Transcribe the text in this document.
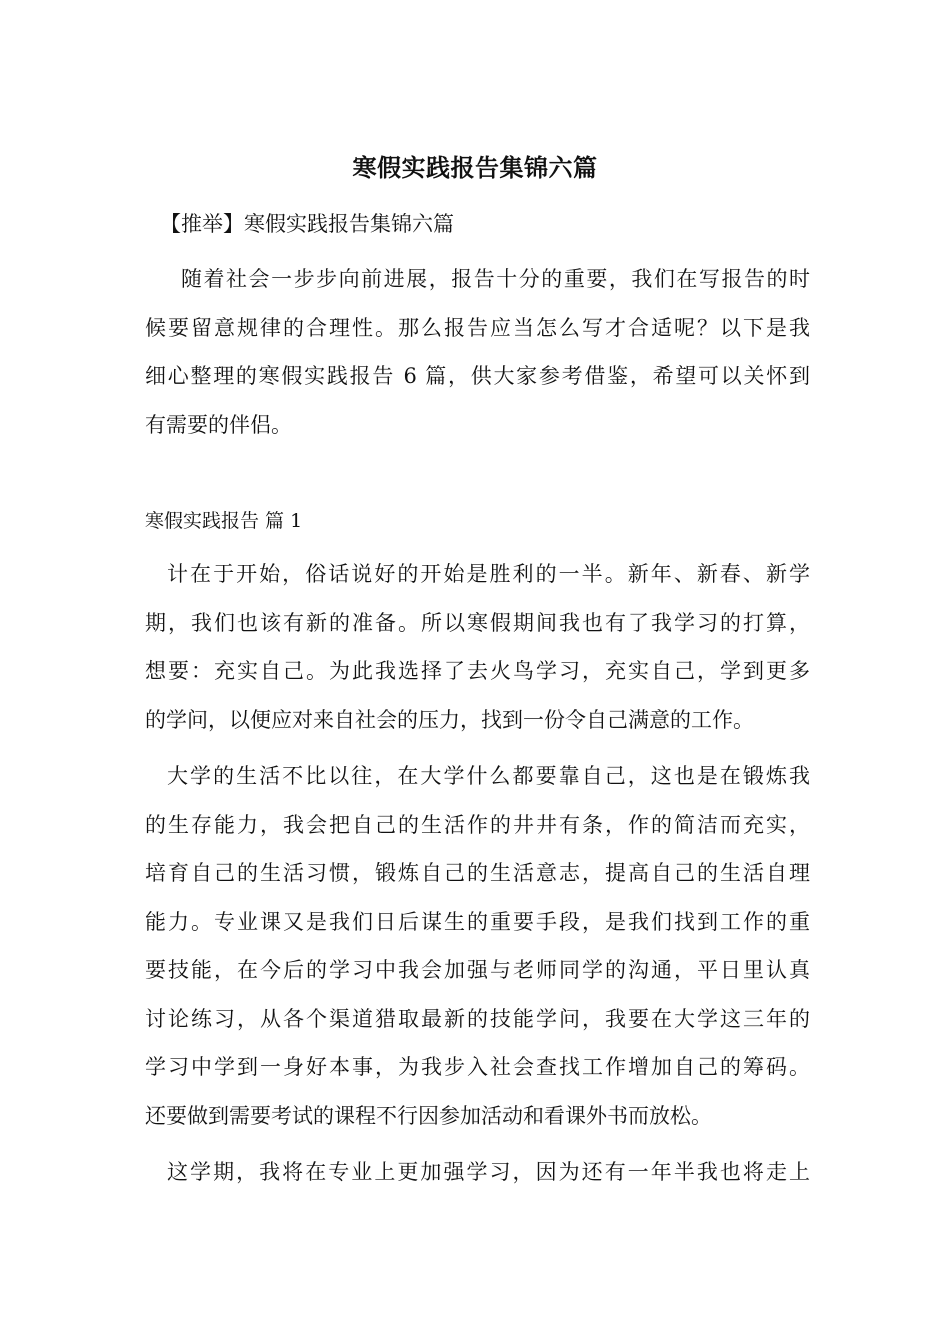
寒假实践报告集锦六篇
【推举】寒假实践报告集锦六篇

随着社会一步步向前进展，报告十分的重要，我们在写报告的时
候要留意规律的合理性。那么报告应当怎么写才合适呢？以下是我
细心整理的寒假实践报告 6 篇，供大家参考借鉴，希望可以关怀到
有需要的伴侣。

寒假实践报告 篇 1

计在于开始，俗话说好的开始是胜利的一半。新年、新春、新学
期，我们也该有新的准备。所以寒假期间我也有了我学习的打算，
想要：充实自己。为此我选择了去火鸟学习，充实自己，学到更多
的学问，以便应对来自社会的压力，找到一份令自己满意的工作。

大学的生活不比以往，在大学什么都要靠自己，这也是在锻炼我
的生存能力，我会把自己的生活作的井井有条，作的简洁而充实，
培育自己的生活习惯，锻炼自己的生活意志，提高自己的生活自理
能力。专业课又是我们日后谋生的重要手段，是我们找到工作的重
要技能，在今后的学习中我会加强与老师同学的沟通，平日里认真
讨论练习，从各个渠道猎取最新的技能学问，我要在大学这三年的
学习中学到一身好本事，为我步入社会查找工作增加自己的筹码。
还要做到需要考试的课程不行因参加活动和看课外书而放松。

这学期，我将在专业上更加强学习，因为还有一年半我也将走上
